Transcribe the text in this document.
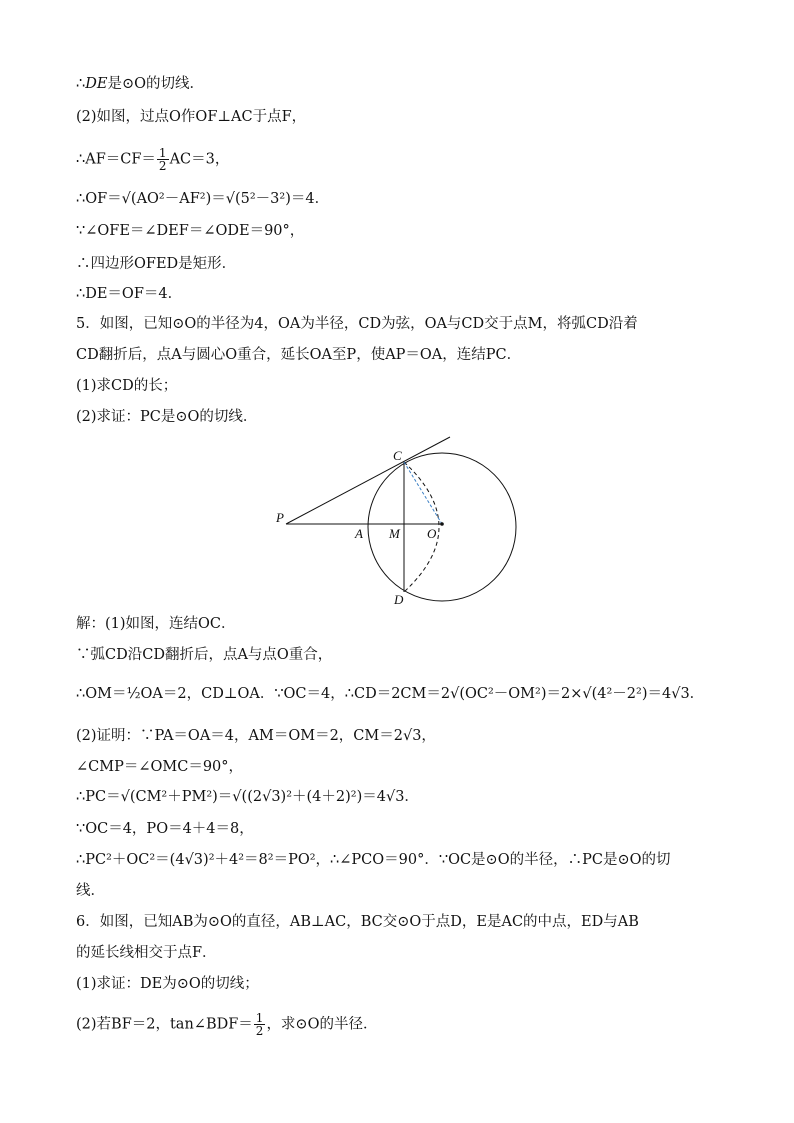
∴DE是⊙O的切线．
(2)如图，过点O作OF⊥AC于点F，
∴AF＝CF＝ $\frac{1}{2} AC=3$，
∴OF＝√(AO²－AF²)＝√(5²－3²)＝4．
∵∠OFE＝∠DEF＝∠ODE＝90°，
∴四边形OFED是矩形．
∴DE＝OF＝4．
5．如图，已知⊙O的半径为4，OA为半径，CD为弦，OA与CD交于点M，将弧CD沿着
CD翻折后，点A与圆心O重合，延长OA至P，使AP＝OA，连结PC．
(1)求CD的长；
(2)求证：PC是⊙O的切线．
C
P
A M O
D
解：(1)如图，连结OC．
∵弧CD沿CD翻折后，点A与点O重合，
∴OM＝½OA＝2，CD⊥OA．∵OC＝4，∴CD＝2CM＝2√(OC²－OM²)＝2×√(4²－2²)＝4√3．
(2)证明：∵PA＝OA＝4，AM＝OM＝2，CM＝2√3，
∠CMP＝∠OMC＝90°，
∴PC＝√(CM²＋PM²)＝√((2√3)²＋(4＋2)²)＝4√3．
∵OC＝4，PO＝4＋4＝8，
∴PC²＋OC²＝(4√3)²＋4²＝8²＝PO²，∴∠PCO＝90°．∵OC是⊙O的半径，∴PC是⊙O的切
线．
6．如图，已知AB为⊙O的直径，AB⊥AC，BC交⊙O于点D，E是AC的中点，ED与AB
的延长线相交于点F．
(1)求证：DE为⊙O的切线；
(2)若BF＝2，tan∠BDF＝ $\frac{1}{2}$ ，求⊙O的半径．
